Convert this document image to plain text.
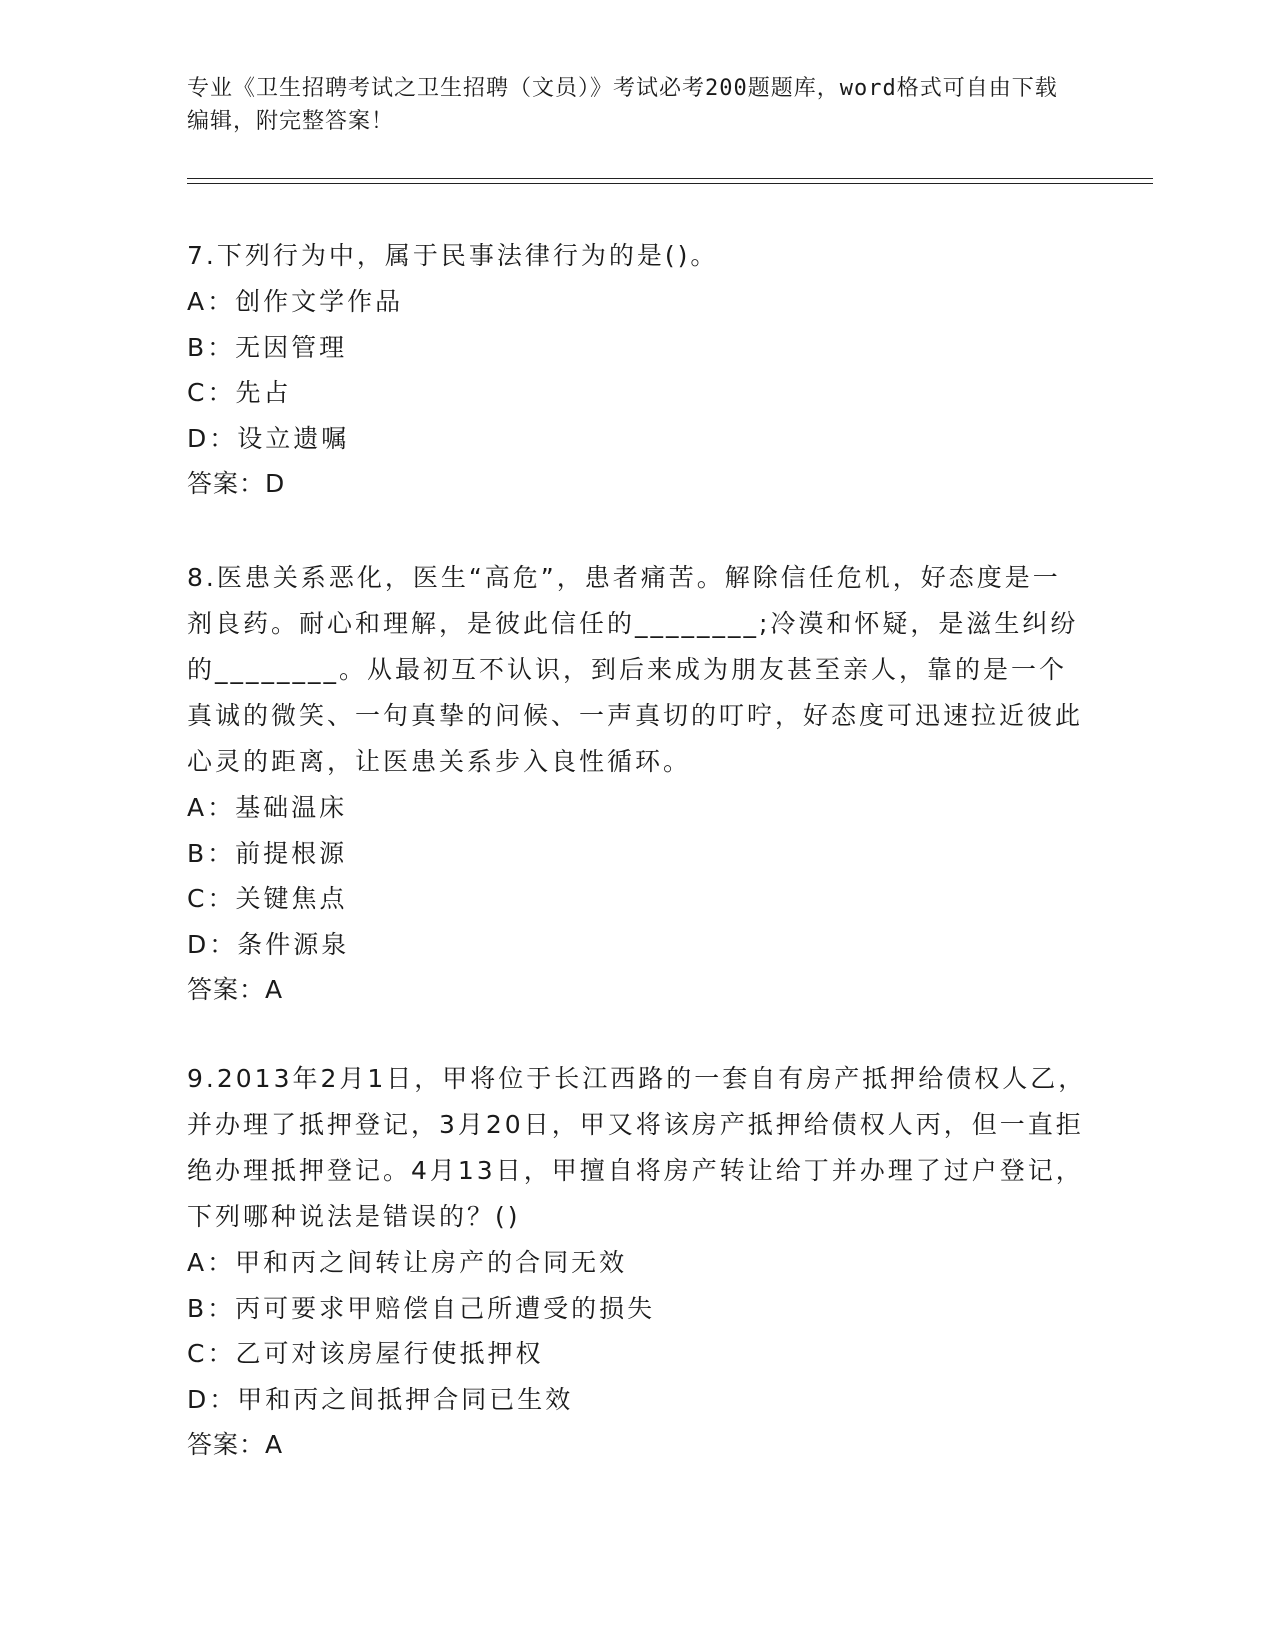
专业《卫生招聘考试之卫生招聘（文员）》考试必考200题题库，word格式可自由下载编辑，附完整答案！
7.下列行为中，属于民事法律行为的是()。
A：创作文学作品
B：无因管理
C：先占
D：设立遗嘱
答案：D
8.医患关系恶化，医生“高危”，患者痛苦。解除信任危机，好态度是一剂良药。耐心和理解，是彼此信任的________;冷漠和怀疑，是滋生纠纷的________。从最初互不认识，到后来成为朋友甚至亲人，靠的是一个真诚的微笑、一句真挚的问候、一声真切的叮咛，好态度可迅速拉近彼此心灵的距离，让医患关系步入良性循环。
A：基础温床
B：前提根源
C：关键焦点
D：条件源泉
答案：A
9.2013年2月1日，甲将位于长江西路的一套自有房产抵押给债权人乙，并办理了抵押登记，3月20日，甲又将该房产抵押给债权人丙，但一直拒绝办理抵押登记。4月13日，甲擅自将房产转让给丁并办理了过户登记，下列哪种说法是错误的？()
A：甲和丙之间转让房产的合同无效
B：丙可要求甲赔偿自己所遭受的损失
C：乙可对该房屋行使抵押权
D：甲和丙之间抵押合同已生效
答案：A
